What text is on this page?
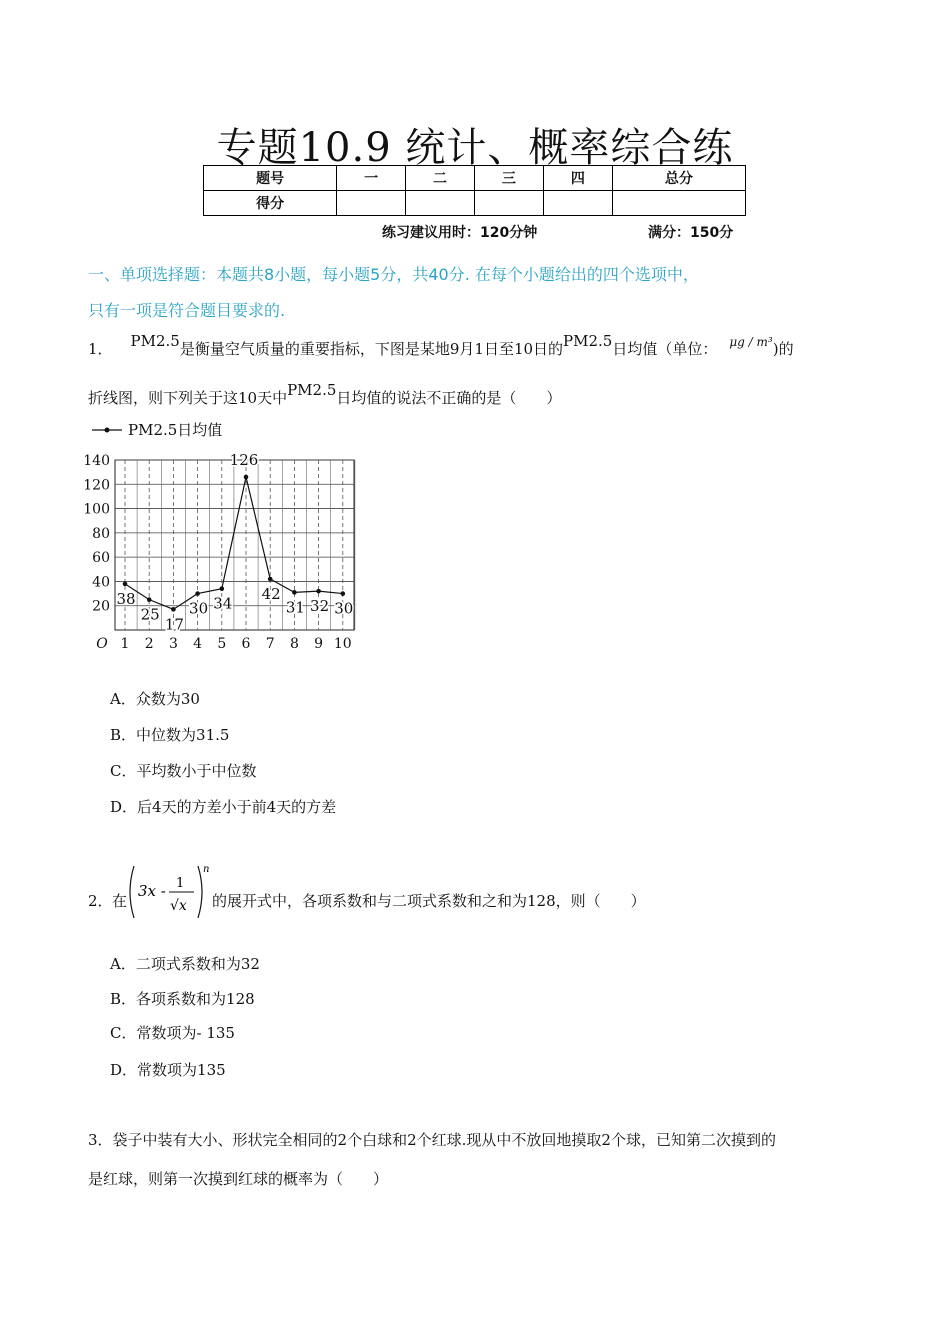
专题10.9 统计、概率综合练
题号	一	二	三	四	总分
得分					
练习建议用时：120分钟	满分：150分
一、单项选择题：本题共8小题，每小题5分，共40分. 在每个小题给出的四个选项中，
只有一项是符合题目要求的.
1． PM2.5是衡量空气质量的重要指标，下图是某地9月1日至10日的PM2.5日均值（单位： $^{\mu g / m^3}$)的
折线图，则下列关于这10天中PM2.5日均值的说法不正确的是（　　）
20
40
60
80
100
120
140
1 2 3 4 5 6 7 8 9 10
O
PM2.5日均值
38
25
17
30 34
126
42
31 32 30
A．众数为30
B．中位数为31.5
C．平均数小于中位数
D．后4天的方差小于前4天的方差
2． 在
3x - 1
√x
n
的展开式中，各项系数和与二项式系数和之和为128，则（　　）
A．二项式系数和为32
B．各项系数和为128
C．常数项为- 135
D．常数项为135
3．袋子中装有大小、形状完全相同的2个白球和2个红球.现从中不放回地摸取2个球，已知第二次摸到的
是红球，则第一次摸到红球的概率为（　　）
